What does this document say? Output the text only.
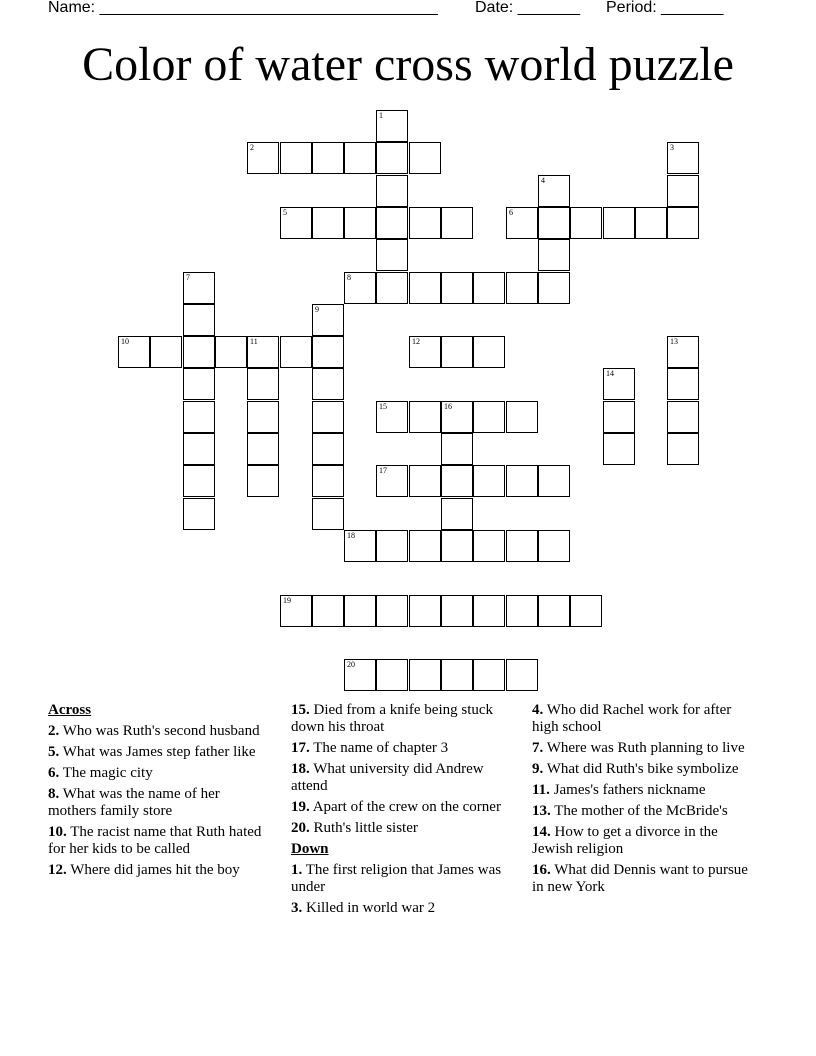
Name: ______________________________________ Date: _______ Period: _______
Color of water cross world puzzle
1
2	3
4
5	6
7	8
9
10	11	12	13
14
15	16
17
18
19
20
Across
2. Who was Ruth's second husband
5. What was James step father like
6. The magic city
8. What was the name of her mothers family store
10. The racist name that Ruth hated for her kids to be called
12. Where did james hit the boy
15. Died from a knife being stuck down his throat
17. The name of chapter 3
18. What university did Andrew attend
19. Apart of the crew on the corner
20. Ruth's little sister
Down
1. The first religion that James was under
3. Killed in world war 2
4. Who did Rachel work for after high school
7. Where was Ruth planning to live
9. What did Ruth's bike symbolize
11. James's fathers nickname
13. The mother of the McBride's
14. How to get a divorce in the Jewish religion
16. What did Dennis want to pursue in new York
